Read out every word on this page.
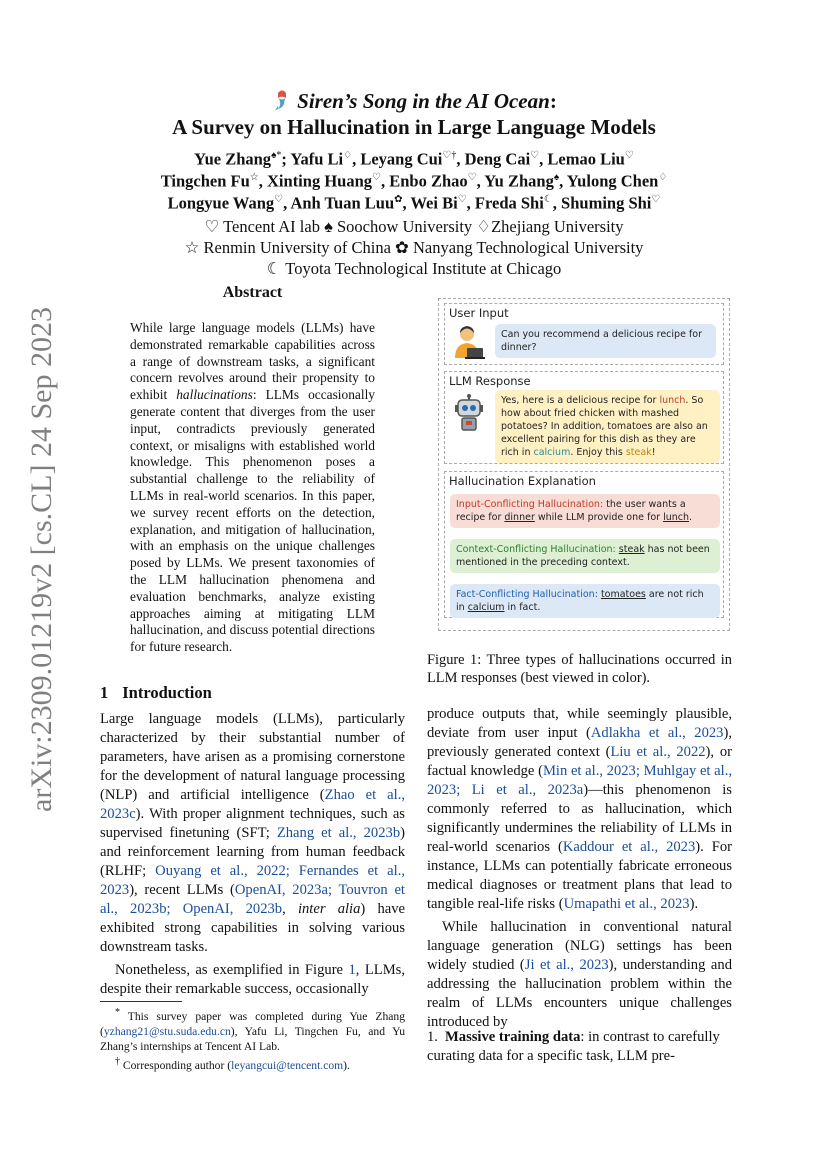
Siren’s Song in the AI Ocean:
A Survey on Hallucination in Large Language Models
Yue Zhang♠*; Yafu Li♢, Leyang Cui♡†, Deng Cai♡, Lemao Liu♡
Tingchen Fu☆, Xinting Huang♡, Enbo Zhao♡, Yu Zhang♠, Yulong Chen♢
Longyue Wang♡, Anh Tuan Luu✿, Wei Bi♡, Freda Shi☾, Shuming Shi♡
♡ Tencent AI lab ♠ Soochow University ♢Zhejiang University
☆ Renmin University of China ✿ Nanyang Technological University
☾ Toyota Technological Institute at Chicago
arXiv:2309.01219v2 [cs.CL] 24 Sep 2023
Abstract
While large language models (LLMs) have demonstrated remarkable capabilities across a range of downstream tasks, a significant concern revolves around their propensity to exhibit hallucinations: LLMs occasionally generate content that diverges from the user input, contradicts previously generated context, or misaligns with established world knowledge. This phenomenon poses a substantial challenge to the reliability of LLMs in real-world scenarios. In this paper, we survey recent efforts on the detection, explanation, and mitigation of hallucination, with an emphasis on the unique challenges posed by LLMs. We present taxonomies of the LLM hallucination phenomena and evaluation benchmarks, analyze existing approaches aiming at mitigating LLM hallucination, and discuss potential directions for future research.
User Input
Can you recommend a delicious recipe for dinner?
LLM Response
Yes, here is a delicious recipe for lunch. So how about fried chicken with mashed potatoes? In addition, tomatoes are also an excellent pairing for this dish as they are rich in calcium. Enjoy this steak!
Hallucination Explanation
Input-Conflicting Hallucination: the user wants a recipe for dinner while LLM provide one for lunch.
Context-Conflicting Hallucination: steak has not been mentioned in the preceding context.
Fact-Conflicting Hallucination: tomatoes are not rich in calcium in fact.
Figure 1: Three types of hallucinations occurred in LLM responses (best viewed in color).
1 Introduction

Large language models (LLMs), particularly characterized by their substantial number of parameters, have arisen as a promising cornerstone for the development of natural language processing (NLP) and artificial intelligence (Zhao et al., 2023c). With proper alignment techniques, such as supervised finetuning (SFT; Zhang et al., 2023b) and reinforcement learning from human feedback (RLHF; Ouyang et al., 2022; Fernandes et al., 2023), recent LLMs (OpenAI, 2023a; Touvron et al., 2023b; OpenAI, 2023b, inter alia) have exhibited strong capabilities in solving various downstream tasks.

Nonetheless, as exemplified in Figure 1, LLMs, despite their remarkable success, occasionally

* This survey paper was completed during Yue Zhang (yzhang21@stu.suda.edu.cn), Yafu Li, Tingchen Fu, and Yu Zhang’s internships at Tencent AI Lab.

† Corresponding author (leyangcui@tencent.com).

produce outputs that, while seemingly plausible, deviate from user input (Adlakha et al., 2023), previously generated context (Liu et al., 2022), or factual knowledge (Min et al., 2023; Muhlgay et al., 2023; Li et al., 2023a)—this phenomenon is commonly referred to as hallucination, which significantly undermines the reliability of LLMs in real-world scenarios (Kaddour et al., 2023). For instance, LLMs can potentially fabricate erroneous medical diagnoses or treatment plans that lead to tangible real-life risks (Umapathi et al., 2023).

While hallucination in conventional natural language generation (NLG) settings has been widely studied (Ji et al., 2023), understanding and addressing the hallucination problem within the realm of LLMs encounters unique challenges introduced by

1. Massive training data: in contrast to carefully curating data for a specific task, LLM pre-
